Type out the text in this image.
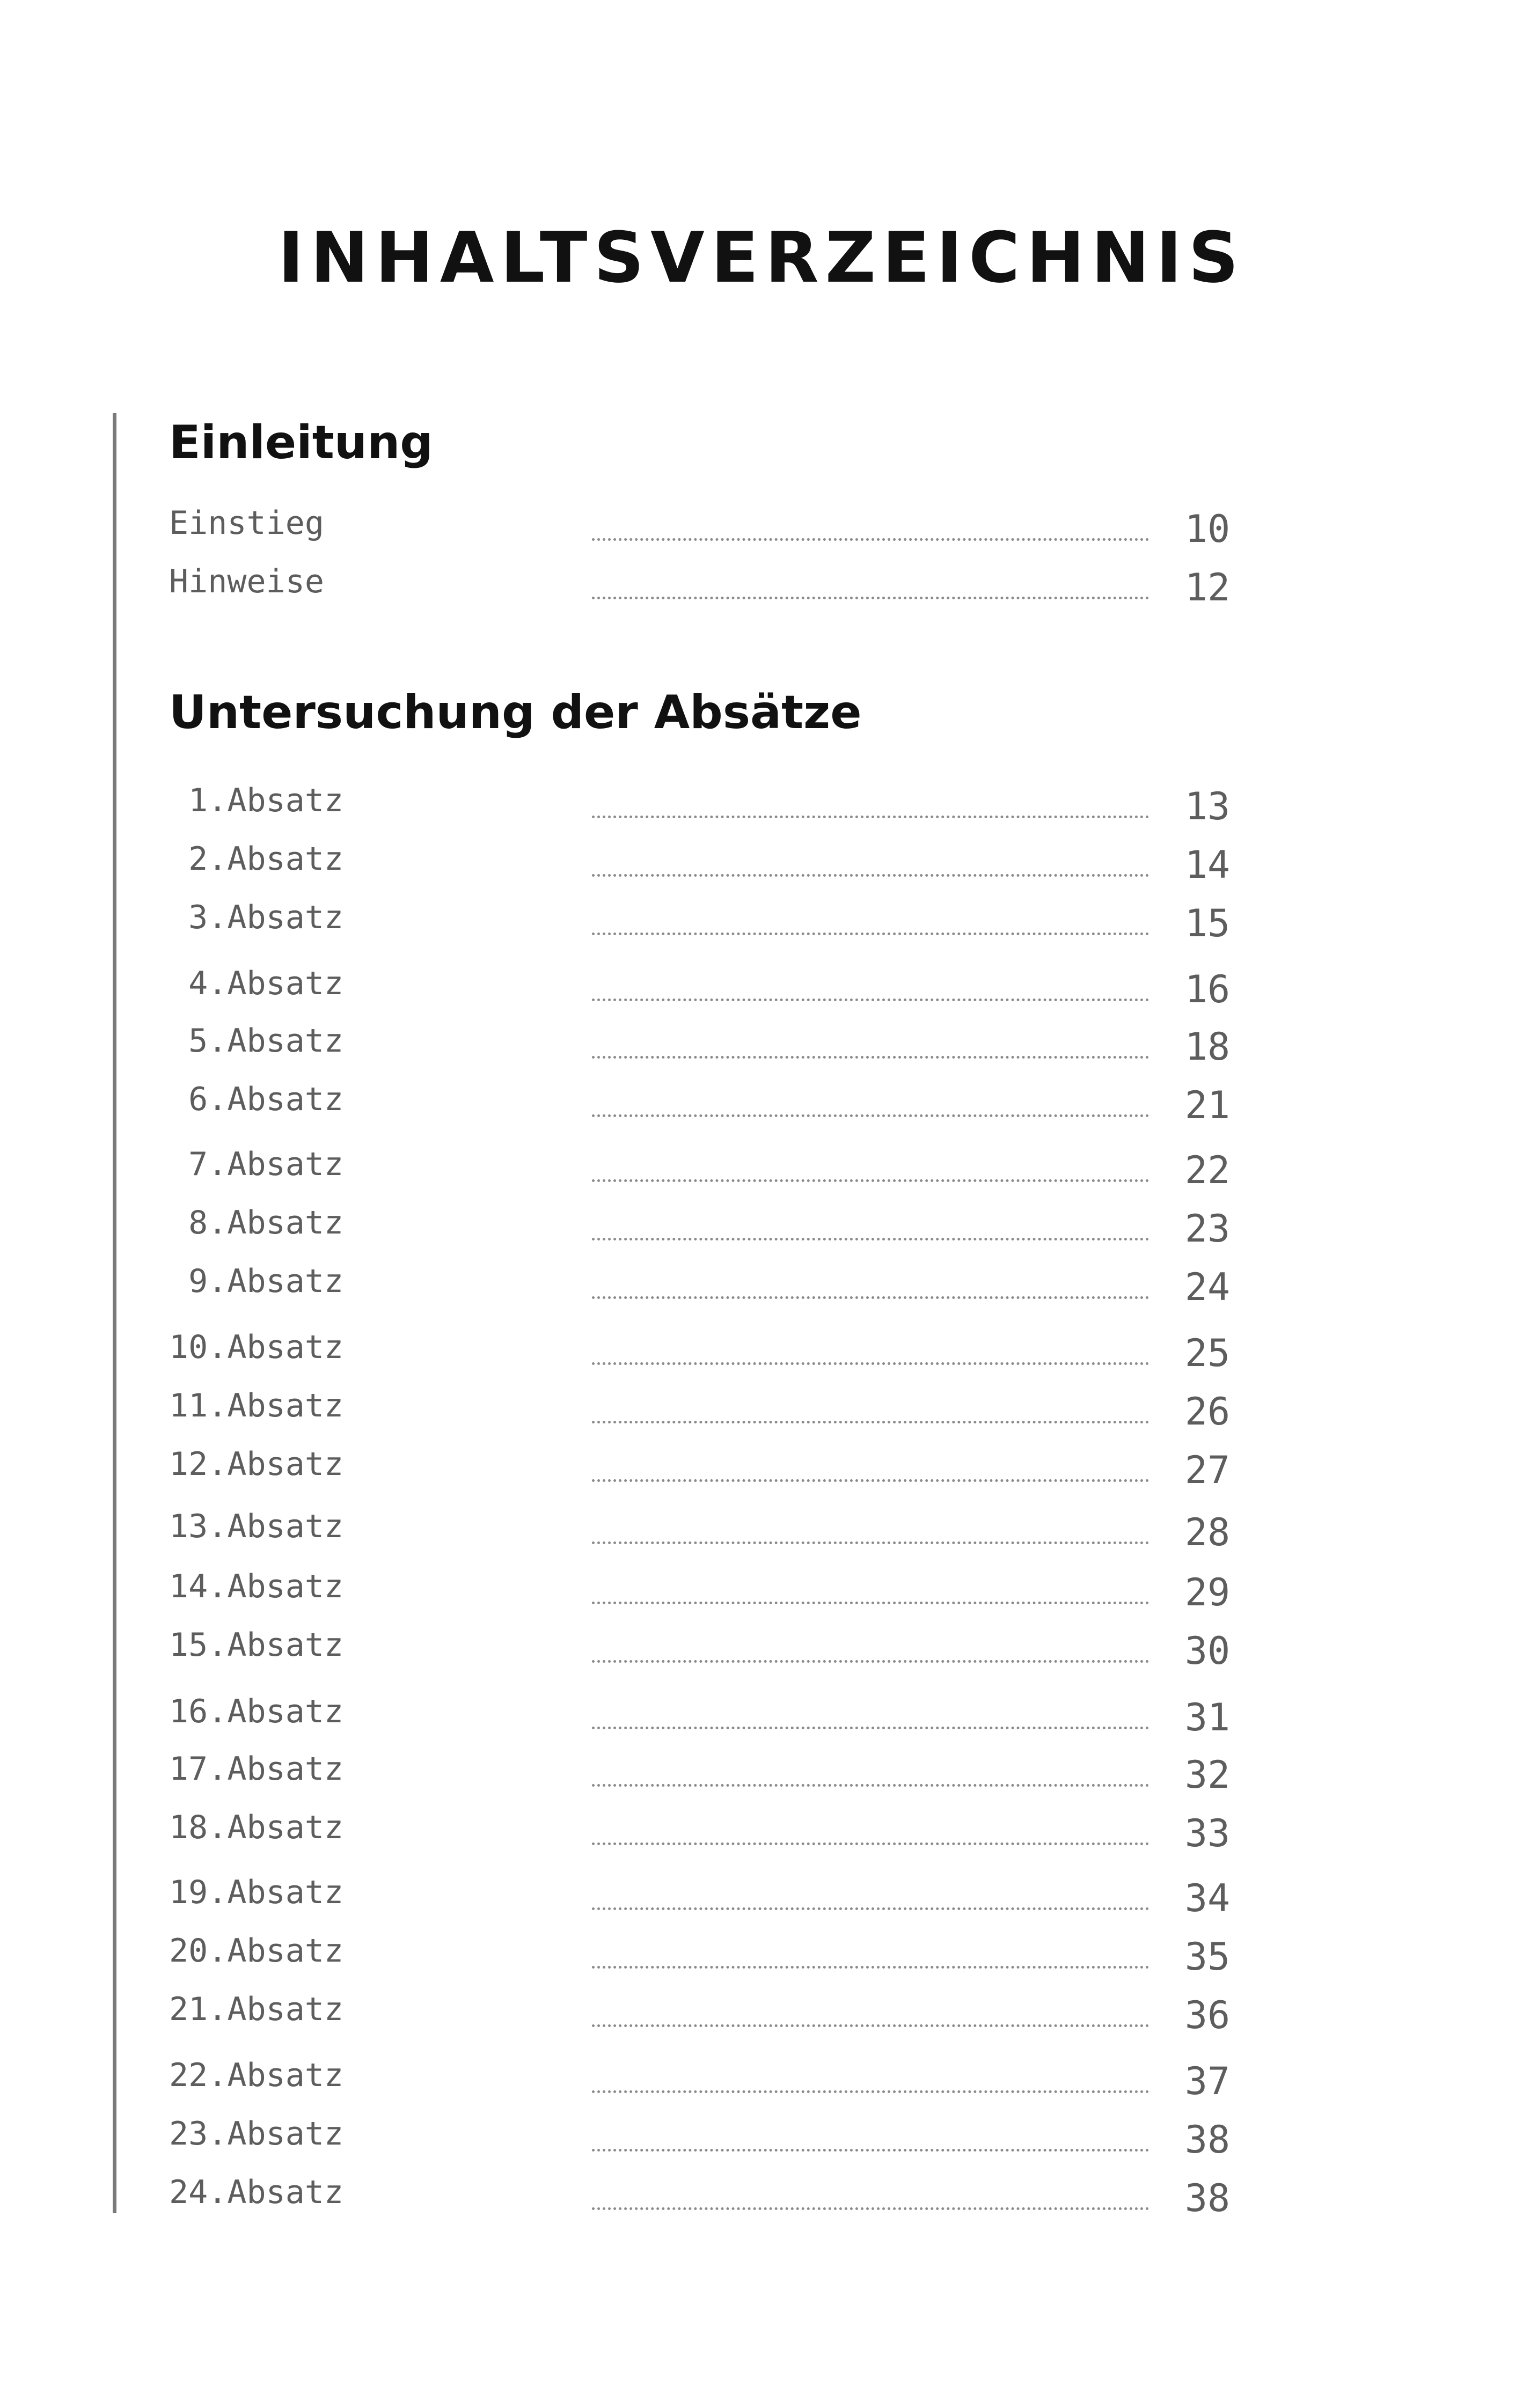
INHALTSVERZEICHNIS
Einleitung
Einstieg	10
Hinweise	12
Untersuchung der Absätze
1.Absatz	13
2.Absatz	14
3.Absatz	15
4.Absatz	16
5.Absatz	18
6.Absatz	21
7.Absatz	22
8.Absatz	23
9.Absatz	24
10.Absatz	25
11.Absatz	26
12.Absatz	27
13.Absatz	28
14.Absatz	29
15.Absatz	30
16.Absatz	31
17.Absatz	32
18.Absatz	33
19.Absatz	34
20.Absatz	35
21.Absatz	36
22.Absatz	37
23.Absatz	38
24.Absatz	38
